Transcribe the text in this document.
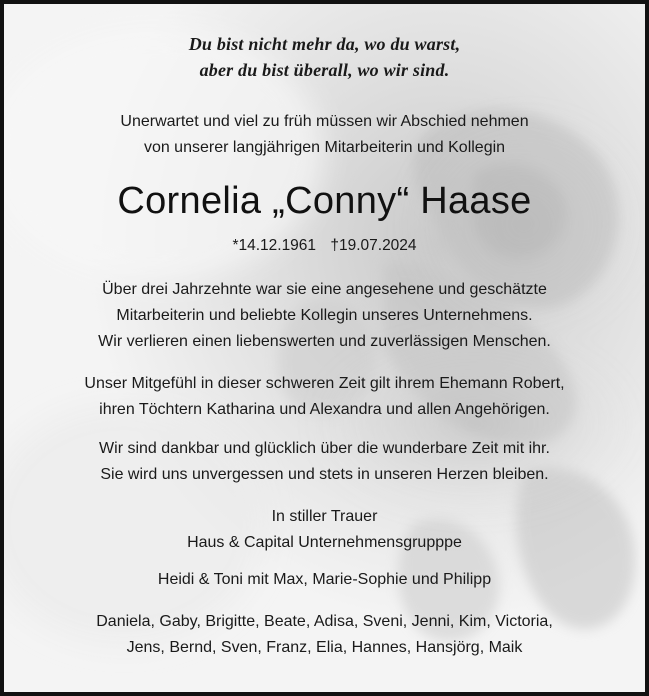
Du bist nicht mehr da, wo du warst,
aber du bist überall, wo wir sind.
Unerwartet und viel zu früh müssen wir Abschied nehmen
von unserer langjährigen Mitarbeiterin und Kollegin
Cornelia „Conny“ Haase
*14.12.1961 †19.07.2024
Über drei Jahrzehnte war sie eine angesehene und geschätzte
Mitarbeiterin und beliebte Kollegin unseres Unternehmens.
Wir verlieren einen liebenswerten und zuverlässigen Menschen.
Unser Mitgefühl in dieser schweren Zeit gilt ihrem Ehemann Robert,
ihren Töchtern Katharina und Alexandra und allen Angehörigen.
Wir sind dankbar und glücklich über die wunderbare Zeit mit ihr.
Sie wird uns unvergessen und stets in unseren Herzen bleiben.
In stiller Trauer
Haus & Capital Unternehmensgrupppe
Heidi & Toni mit Max, Marie-Sophie und Philipp
Daniela, Gaby, Brigitte, Beate, Adisa, Sveni, Jenni, Kim, Victoria,
Jens, Bernd, Sven, Franz, Elia, Hannes, Hansjörg, Maik
